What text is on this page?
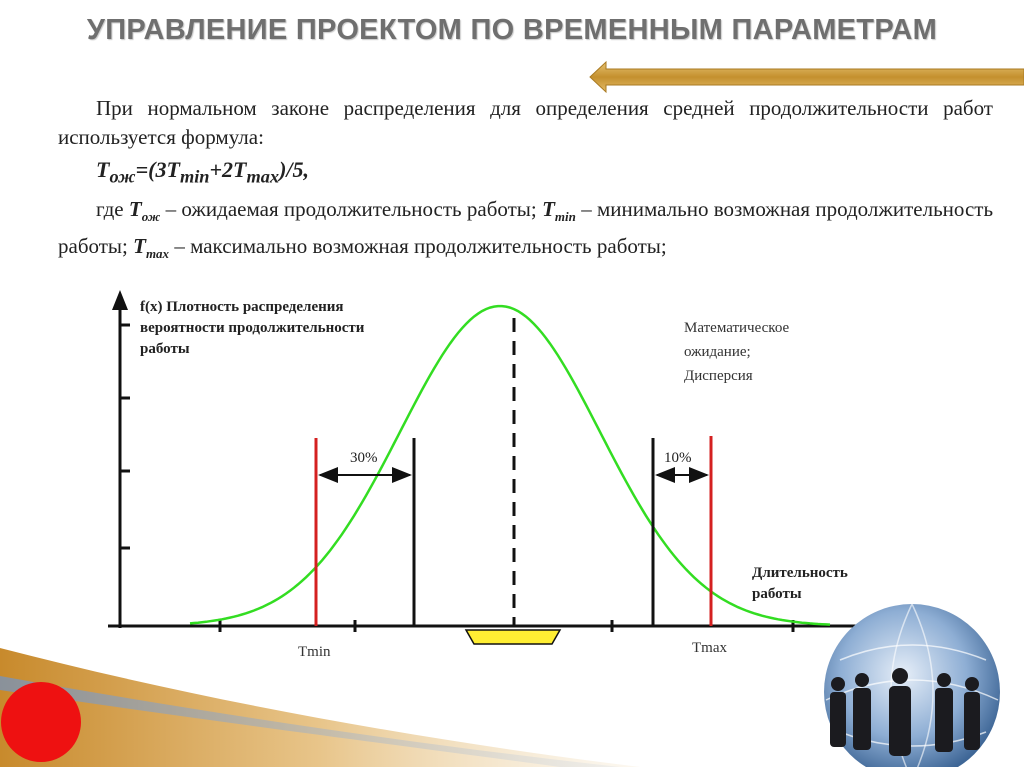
УПРАВЛЕНИЕ ПРОЕКТОМ ПО ВРЕМЕННЫМ ПАРАМЕТРАМ

При нормальном законе распределения для определения средней продолжительности работ используется формула:

$T_{ож}=(3T_{min}+2T_{max})/5$,

где $T_{ож}$ – ожидаемая продолжительность работы; $T_{min}$ – минимально возможная продолжительность работы; $T_{max}$ – максимально возможная продолжительность работы;

f(x) Плотность распределения
вероятности продолжительности
работы
Математическое
ожидание;
Дисперсия
Длительность
работы
30%	10%
Tmin	Tmax
